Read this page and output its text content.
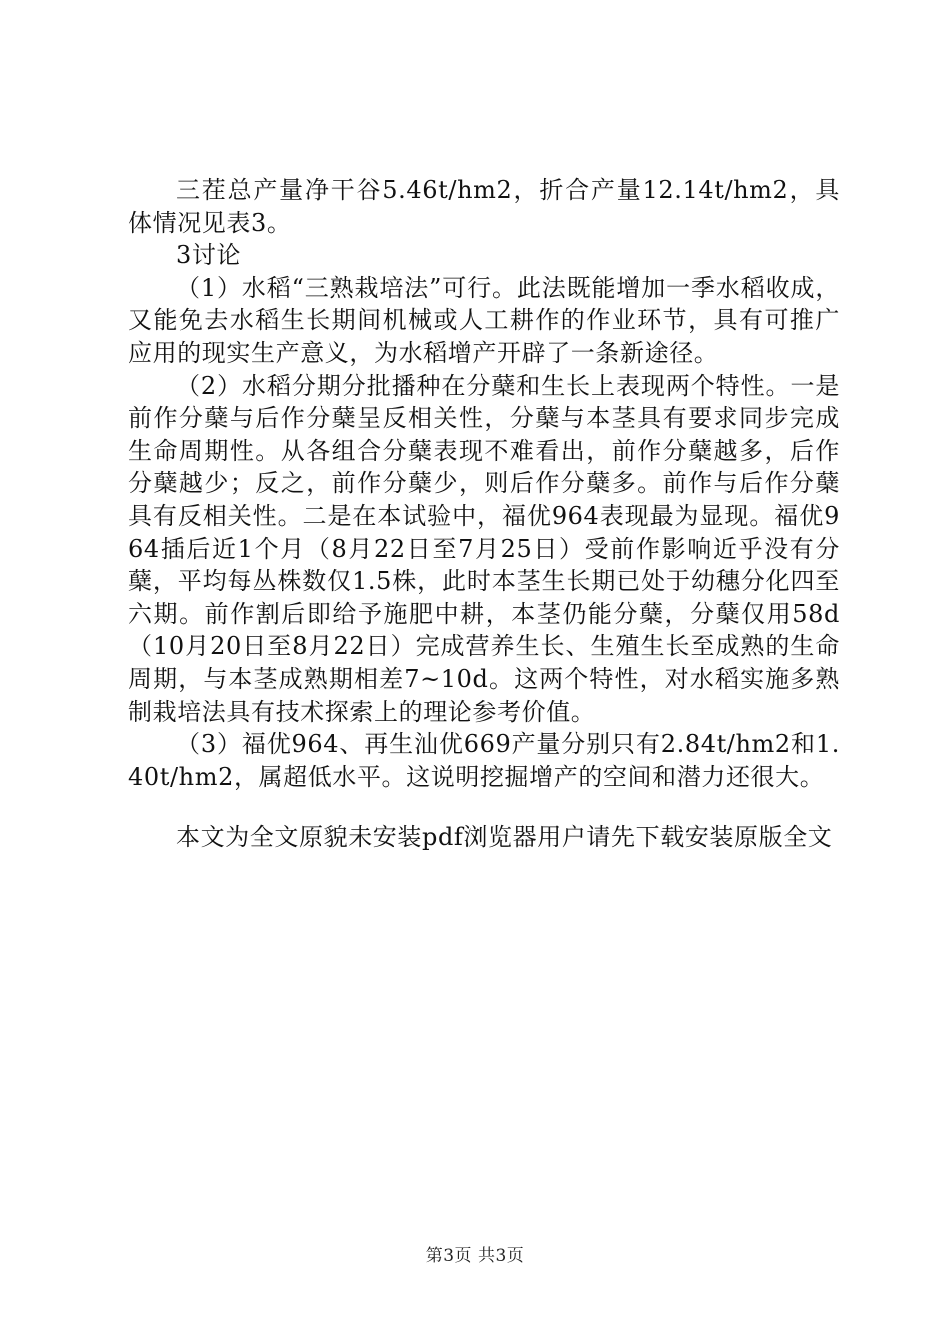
三茬总产量净干谷5.46t/hm2，折合产量12.14t/hm2，具体情况见表3。

3讨论

（1）水稻“三熟栽培法”可行。此法既能增加一季水稻收成，又能免去水稻生长期间机械或人工耕作的作业环节，具有可推广应用的现实生产意义，为水稻增产开辟了一条新途径。

（2）水稻分期分批播种在分蘖和生长上表现两个特性。一是前作分蘖与后作分蘖呈反相关性，分蘖与本茎具有要求同步完成生命周期性。从各组合分蘖表现不难看出，前作分蘖越多，后作分蘖越少；反之，前作分蘖少，则后作分蘖多。前作与后作分蘖具有反相关性。二是在本试验中，福优964表现最为显现。福优964插后近1个月（8月22日至7月25日）受前作影响近乎没有分蘖，平均每丛株数仅1.5株，此时本茎生长期已处于幼穗分化四至六期。前作割后即给予施肥中耕，本茎仍能分蘖，分蘖仅用58d（10月20日至8月22日）完成营养生长、生殖生长至成熟的生命周期，与本茎成熟期相差7~10d。这两个特性，对水稻实施多熟制栽培法具有技术探索上的理论参考价值。

（3）福优964、再生汕优669产量分别只有2.84t/hm2和1.40t/hm2，属超低水平。这说明挖掘增产的空间和潜力还很大。

本文为全文原貌未安装pdf浏览器用户请先下载安装原版全文

第3页 共3页
